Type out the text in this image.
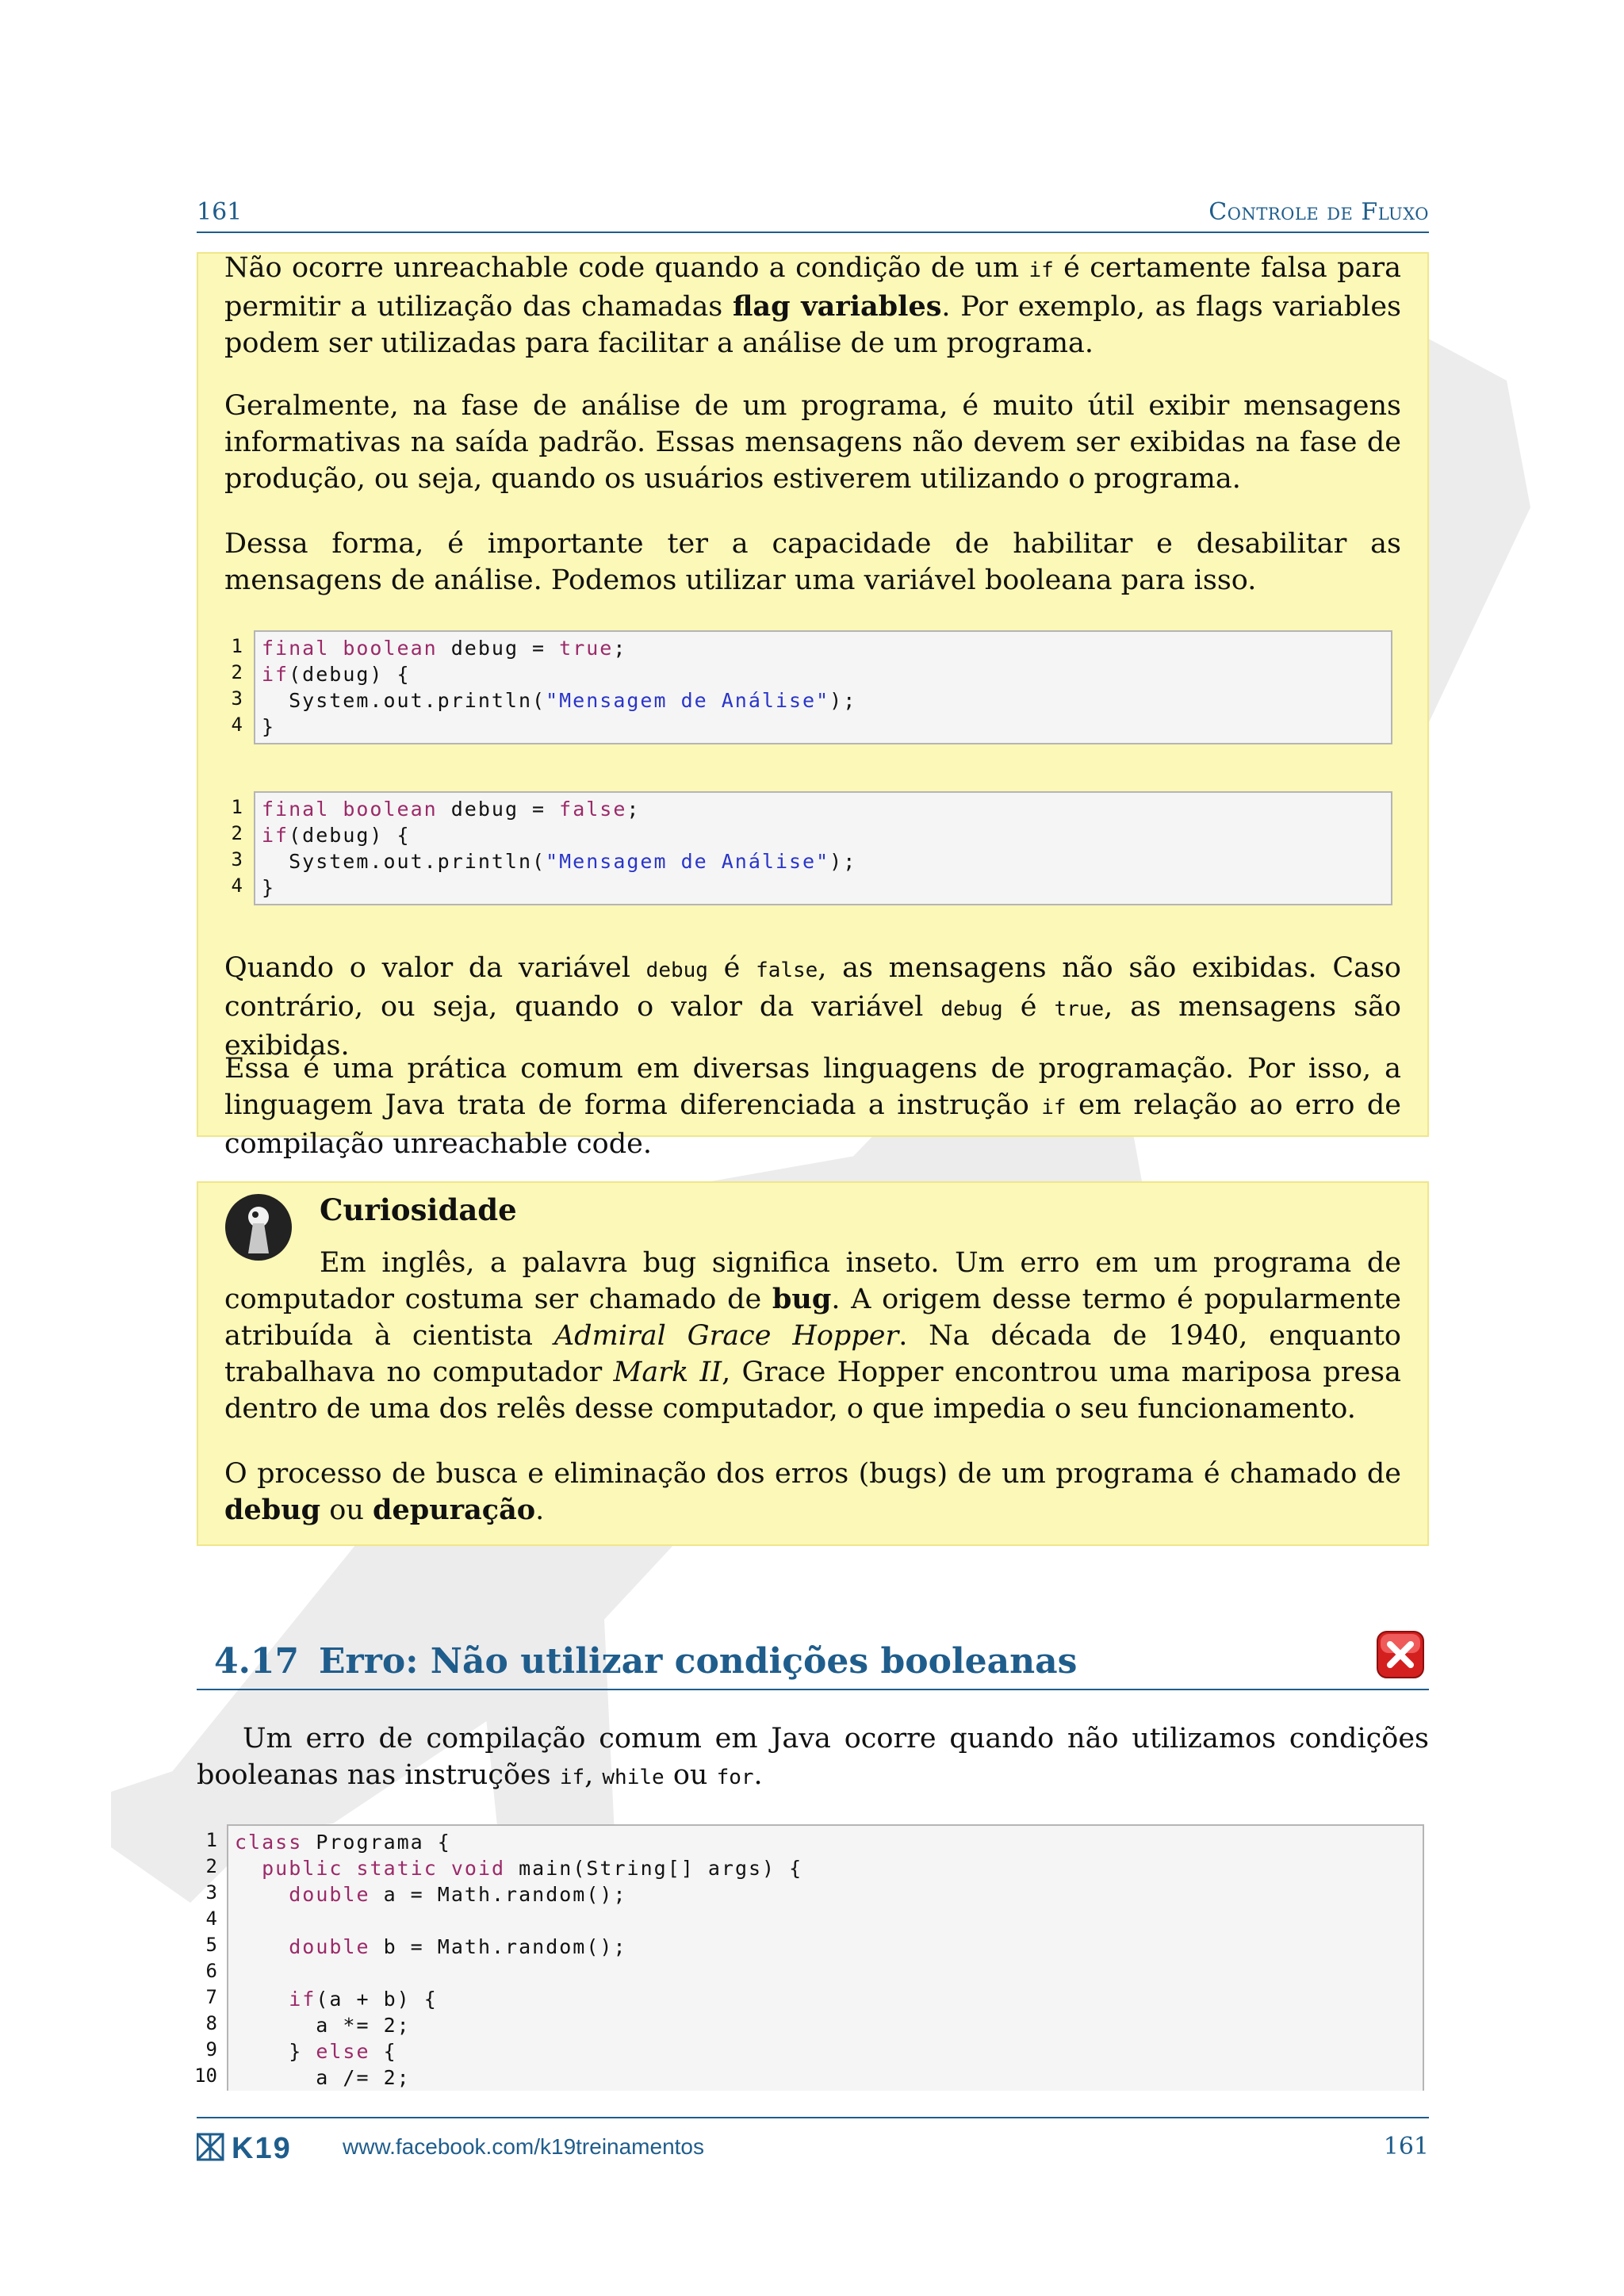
161	Controle de Fluxo
Não ocorre unreachable code quando a condição de um if é certamente falsa para permitir a utilização das chamadas flag variables. Por exemplo, as flags variables podem ser utilizadas para facilitar a análise de um programa.
Geralmente, na fase de análise de um programa, é muito útil exibir mensagens informativas na saída padrão. Essas mensagens não devem ser exibidas na fase de produção, ou seja, quando os usuários estiverem utilizando o programa.
Dessa forma, é importante ter a capacidade de habilitar e desabilitar as mensagens de análise. Podemos utilizar uma variável booleana para isso.
1
2
3
4
final boolean debug = true;
if(debug) {
System.out.println("Mensagem de Análise");
}
1
2
3
4
final boolean debug = false;
if(debug) {
System.out.println("Mensagem de Análise");
}
Quando o valor da variável debug é false, as mensagens não são exibidas. Caso contrário, ou seja, quando o valor da variável debug é true, as mensagens são exibidas.
Essa é uma prática comum em diversas linguagens de programação. Por isso, a linguagem Java trata de forma diferenciada a instrução if em relação ao erro de compilação unreachable code.
Curiosidade
Em inglês, a palavra bug significa inseto. Um erro em um programa de computador costuma ser chamado de bug. A origem desse termo é popularmente atribuída à cientista Admiral Grace Hopper. Na década de 1940, enquanto trabalhava no computador Mark II, Grace Hopper encontrou uma mariposa presa dentro de uma dos relês desse computador, o que impedia o seu funcionamento.
O processo de busca e eliminação dos erros (bugs) de um programa é chamado de debug ou depuração.
4.17 Erro: Não utilizar condições booleanas
Um erro de compilação comum em Java ocorre quando não utilizamos condições booleanas nas instruções if, while ou for.
1
2
3
4
5
6
7
8
9
10
class Programa {
public static void main(String[] args) {
double a = Math.random();

double b = Math.random();

if(a + b) {
a *= 2;
} else {
a /= 2;
K19 www.facebook.com/k19treinamentos	161
